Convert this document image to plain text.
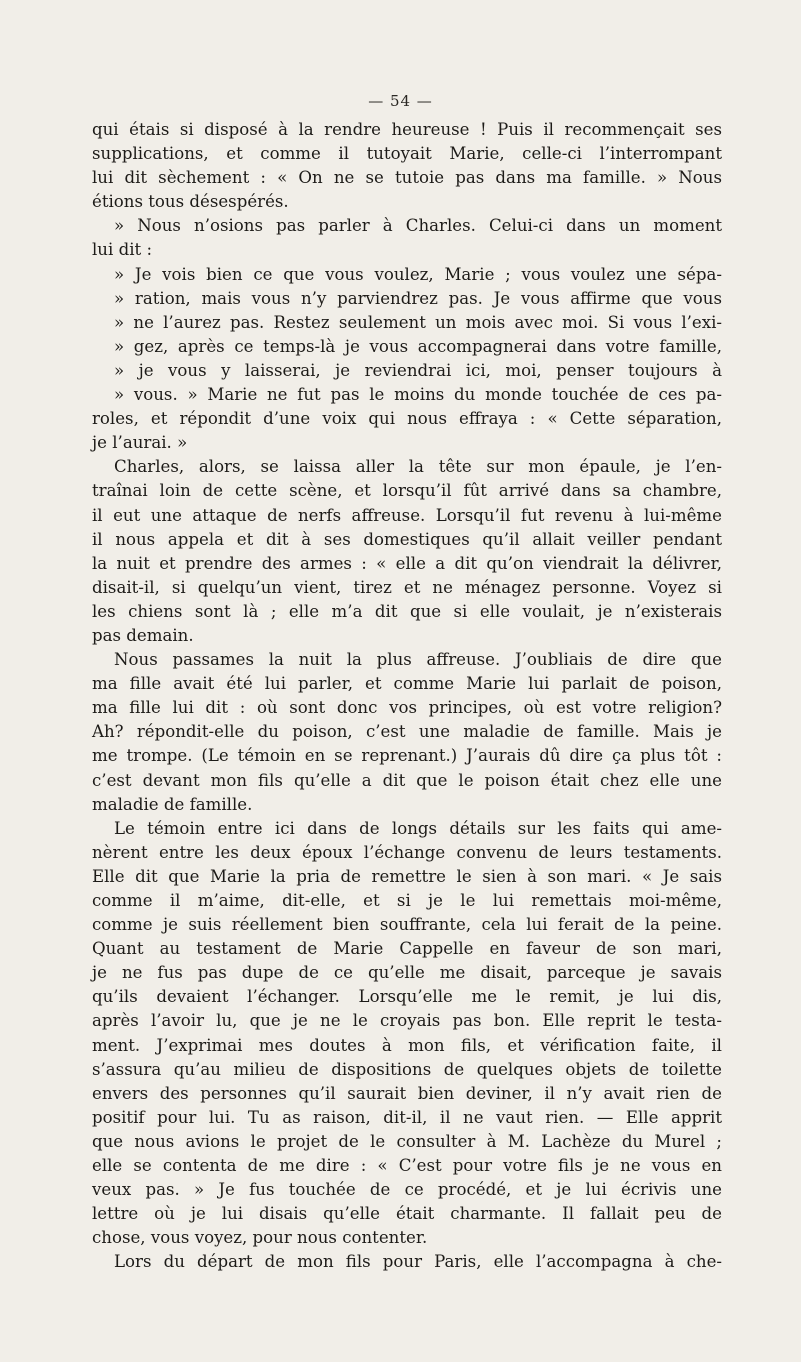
— 54 —
qui étais si disposé à la rendre heureuse ! Puis il recommençait ses
supplications, et comme il tutoyait Marie, celle-ci l’interrompant
lui dit sèchement : « On ne se tutoie pas dans ma famille. » Nous
étions tous désespérés.
» Nous n’osions pas parler à Charles. Celui-ci dans un moment
lui dit :
» Je vois bien ce que vous voulez, Marie ; vous voulez une sépa-
» ration, mais vous n’y parviendrez pas. Je vous affirme que vous
» ne l’aurez pas. Restez seulement un mois avec moi. Si vous l’exi-
» gez, après ce temps-là je vous accompagnerai dans votre famille,
» je vous y laisserai, je reviendrai ici, moi, penser toujours à
» vous. » Marie ne fut pas le moins du monde touchée de ces pa-
roles, et répondit d’une voix qui nous effraya : « Cette séparation,
je l’aurai. »
Charles, alors, se laissa aller la tête sur mon épaule, je l’en-
traînai loin de cette scène, et lorsqu’il fût arrivé dans sa chambre,
il eut une attaque de nerfs affreuse. Lorsqu’il fut revenu à lui-même
il nous appela et dit à ses domestiques qu’il allait veiller pendant
la nuit et prendre des armes : « elle a dit qu’on viendrait la délivrer,
disait-il, si quelqu’un vient, tirez et ne ménagez personne. Voyez si
les chiens sont là ; elle m’a dit que si elle voulait, je n’existerais
pas demain.
Nous passames la nuit la plus affreuse. J’oubliais de dire que
ma fille avait été lui parler, et comme Marie lui parlait de poison,
ma fille lui dit : où sont donc vos principes, où est votre religion?
Ah? répondit-elle du poison, c’est une maladie de famille. Mais je
me trompe. (Le témoin en se reprenant.) J’aurais dû dire ça plus tôt :
c’est devant mon fils qu’elle a dit que le poison était chez elle une
maladie de famille.
Le témoin entre ici dans de longs détails sur les faits qui ame-
nèrent entre les deux époux l’échange convenu de leurs testaments.
Elle dit que Marie la pria de remettre le sien à son mari. « Je sais
comme il m’aime, dit-elle, et si je le lui remettais moi-même,
comme je suis réellement bien souffrante, cela lui ferait de la peine.
Quant au testament de Marie Cappelle en faveur de son mari,
je ne fus pas dupe de ce qu’elle me disait, parceque je savais
qu’ils devaient l’échanger. Lorsqu’elle me le remit, je lui dis,
après l’avoir lu, que je ne le croyais pas bon. Elle reprit le testa-
ment. J’exprimai mes doutes à mon fils, et vérification faite, il
s’assura qu’au milieu de dispositions de quelques objets de toilette
envers des personnes qu’il saurait bien deviner, il n’y avait rien de
positif pour lui. Tu as raison, dit-il, il ne vaut rien. — Elle apprit
que nous avions le projet de le consulter à M. Lachèze du Murel ;
elle se contenta de me dire : « C’est pour votre fils je ne vous en
veux pas. » Je fus touchée de ce procédé, et je lui écrivis une
lettre où je lui disais qu’elle était charmante. Il fallait peu de
chose, vous voyez, pour nous contenter.
Lors du départ de mon fils pour Paris, elle l’accompagna à che-
